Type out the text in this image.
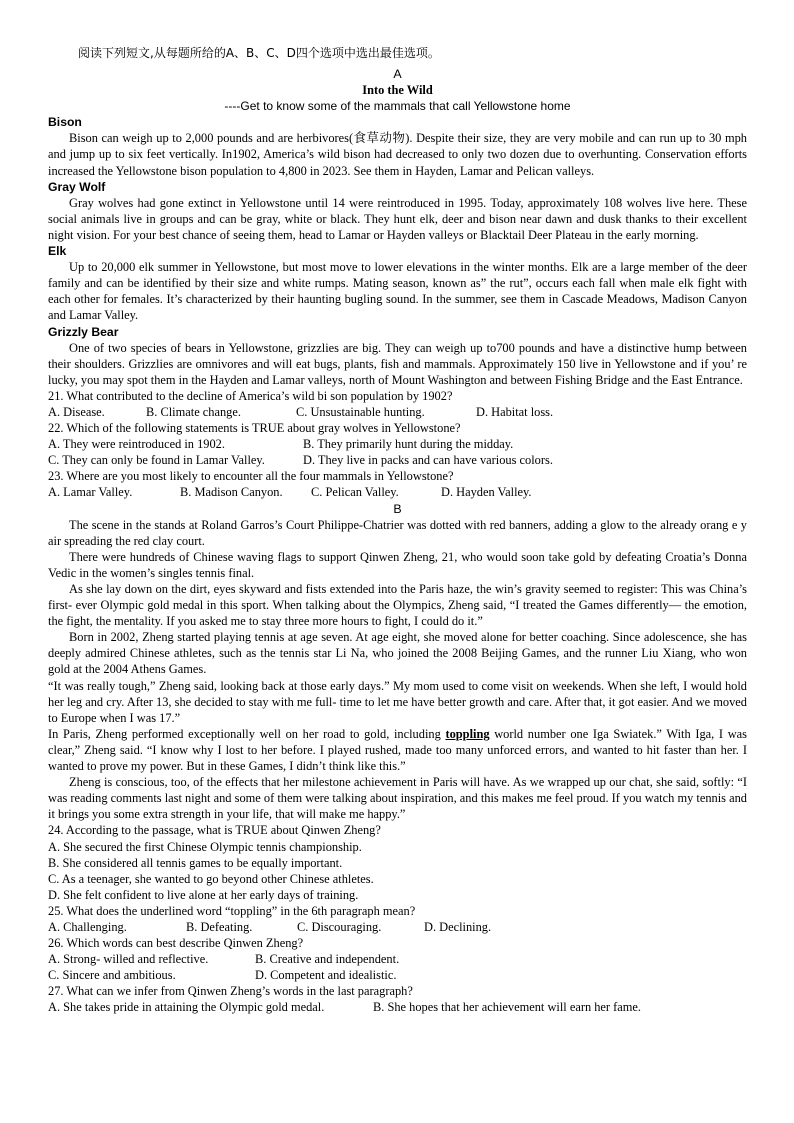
阅读下列短文,从每题所给的A、B、C、D四个选项中选出最佳选项。

A

Into the Wild

----Get to know some of the mammals that call Yellowstone home

Bison

Bison can weigh up to 2,000 pounds and are herbivores(食草动物). Despite their size, they are very mobile and can run up to 30 mph and jump up to six feet vertically. In1902, America’s wild bison had decreased to only two dozen due to overhunting. Conservation efforts increased the Yellowstone bison population to 4,800 in 2023. See them in Hayden, Lamar and Pelican valleys.

Gray Wolf

Gray wolves had gone extinct in Yellowstone until 14 were reintroduced in 1995. Today, approximately 108 wolves live here. These social animals live in groups and can be gray, white or black. They hunt elk, deer and bison near dawn and dusk thanks to their excellent night vision. For your best chance of seeing them, head to Lamar or Hayden valleys or Blacktail Deer Plateau in the early morning.

Elk

Up to 20,000 elk summer in Yellowstone, but most move to lower elevations in the winter months. Elk are a large member of the deer family and can be identified by their size and white rumps. Mating season, known as” the rut”, occurs each fall when male elk fight with each other for females. It’s characterized by their haunting bugling sound. In the summer, see them in Cascade Meadows, Madison Canyon and Lamar Valley.

Grizzly Bear

One of two species of bears in Yellowstone, grizzlies are big. They can weigh up to700 pounds and have a distinctive hump between their shoulders. Grizzlies are omnivores and will eat bugs, plants, fish and mammals. Approximately 150 live in Yellowstone and if you’ re lucky, you may spot them in the Hayden and Lamar valleys, north of Mount Washington and between Fishing Bridge and the East Entrance.

21. What contributed to the decline of America’s wild bi son population by 1902?

A. Disease.	B. Climate change.	C. Unsustainable hunting.	D. Habitat loss.

22. Which of the following statements is TRUE about gray wolves in Yellowstone?

A. They were reintroduced in 1902.	B. They primarily hunt during the midday.

C. They can only be found in Lamar Valley.	D. They live in packs and can have various colors.

23. Where are you most likely to encounter all the four mammals in Yellowstone?

A. Lamar Valley.	B. Madison Canyon.	C. Pelican Valley.	D. Hayden Valley.

B

The scene in the stands at Roland Garros’s Court Philippe-Chatrier was dotted with red banners, adding a glow to the already orang e y air spreading the red clay court.

There were hundreds of Chinese waving flags to support Qinwen Zheng, 21, who would soon take gold by defeating Croatia’s Donna Vedic in the women’s singles tennis final.

As she lay down on the dirt, eyes skyward and fists extended into the Paris haze, the win’s gravity seemed to register: This was China’s first- ever Olympic gold medal in this sport. When talking about the Olympics, Zheng said, “I treated the Games differently— the emotion, the fight, the mentality. If you asked me to stay three more hours to fight, I could do it.”

Born in 2002, Zheng started playing tennis at age seven. At age eight, she moved alone for better coaching. Since adolescence, she has deeply admired Chinese athletes, such as the tennis star Li Na, who joined the 2008 Beijing Games, and the runner Liu Xiang, who won gold at the 2004 Athens Games.

“It was really tough,” Zheng said, looking back at those early days.” My mom used to come visit on weekends. When she left, I would hold her leg and cry. After 13, she decided to stay with me full- time to let me have better growth and care. After that, it got easier. And we moved to Europe when I was 17.”

In Paris, Zheng performed exceptionally well on her road to gold, including toppling world number one Iga Swiatek.” With Iga, I was clear,” Zheng said. “I know why I lost to her before. I played rushed, made too many unforced errors, and wanted to hit faster than her. I wanted to prove my power. But in these Games, I didn’t think like this.”

Zheng is conscious, too, of the effects that her milestone achievement in Paris will have. As we wrapped up our chat, she said, softly: “I was reading comments last night and some of them were talking about inspiration, and this makes me feel proud. If you watch my tennis and it brings you some extra strength in your life, that will make me happy.”

24. According to the passage, what is TRUE about Qinwen Zheng?

A. She secured the first Chinese Olympic tennis championship.

B. She considered all tennis games to be equally important.

C. As a teenager, she wanted to go beyond other Chinese athletes.

D. She felt confident to live alone at her early days of training.

25. What does the underlined word “toppling” in the 6th paragraph mean?

A. Challenging.	B. Defeating.	C. Discouraging.	D. Declining.

26. Which words can best describe Qinwen Zheng?

A. Strong- willed and reflective.	B. Creative and independent.

C. Sincere and ambitious.	D. Competent and idealistic.

27. What can we infer from Qinwen Zheng’s words in the last paragraph?

A. She takes pride in attaining the Olympic gold medal.	B. She hopes that her achievement will earn her fame.
